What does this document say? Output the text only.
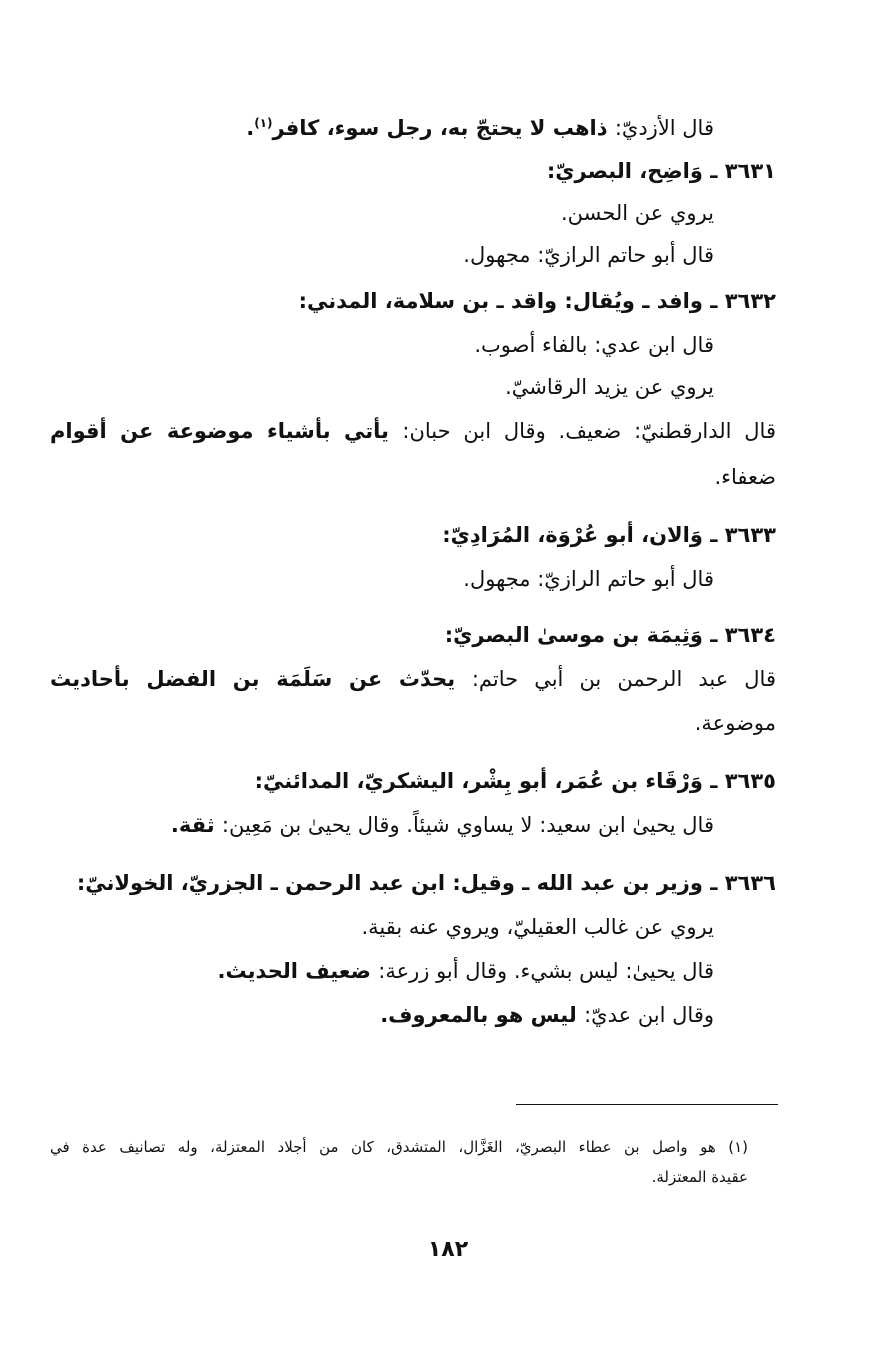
قال الأزديّ: ذاهب لا يحتجّ به، رجل سوء، كافر$^{(١)}$.
٣٦٣١ ـ وَاضِح، البصريّ:
يروي عن الحسن.
قال أبو حاتم الرازيّ: مجهول.
٣٦٣٢ ـ وافد ـ ويُقال: واقد ـ بن سلامة، المدني:
قال ابن عدي: بالفاء أصوب.
يروي عن يزيد الرقاشيّ.
قال الدارقطنيّ: ضعيف. وقال ابن حبان: يأتي بأشياء موضوعة عن أقوام
ضعفاء.
٣٦٣٣ ـ وَالان، أبو عُرْوَة، المُرَادِيّ:
قال أبو حاتم الرازيّ: مجهول.
٣٦٣٤ ـ وَثِيمَة بن موسىٰ البصريّ:
قال عبد الرحمن بن أبي حاتم: يحدّث عن سَلَمَة بن الفضل بأحاديث
موضوعة.
٣٦٣٥ ـ وَرْقَاء بن عُمَر، أبو بِشْر، اليشكريّ، المدائنيّ:
قال يحيىٰ ابن سعيد: لا يساوي شيئاً. وقال يحيىٰ بن مَعِين: ثقة.
٣٦٣٦ ـ وزير بن عبد الله ـ وقيل: ابن عبد الرحمن ـ الجزريّ، الخولانيّ:
يروي عن غالب العقيليّ، ويروي عنه بقية.
قال يحيىٰ: ليس بشيء. وقال أبو زرعة: ضعيف الحديث.
وقال ابن عديّ: ليس هو بالمعروف.
(١) هو واصل بن عطاء البصريّ، الغَزَّال، المتشدق، كان من أجلاد المعتزلة، وله تصانيف عدة في
عقيدة المعتزلة.
١٨٢
